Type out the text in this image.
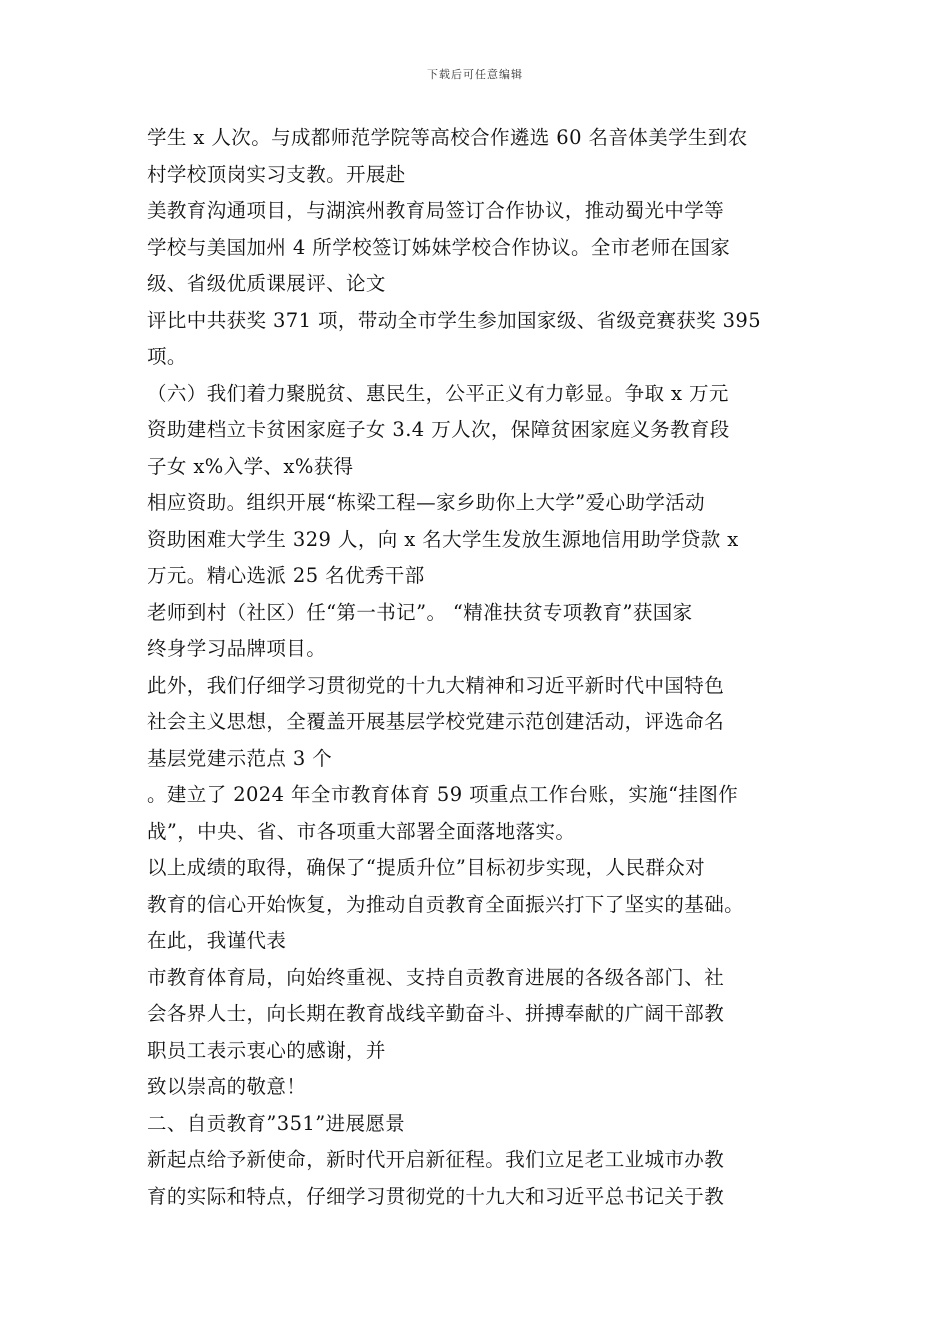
下载后可任意编辑
学生 x 人次。与成都师范学院等高校合作遴选 60 名音体美学生到农
村学校顶岗实习支教。开展赴
美教育沟通项目，与湖滨州教育局签订合作协议，推动蜀光中学等
学校与美国加州 4 所学校签订姊妹学校合作协议。全市老师在国家
级、省级优质课展评、论文
评比中共获奖 371 项，带动全市学生参加国家级、省级竞赛获奖 395
项。
（六）我们着力聚脱贫、惠民生，公平正义有力彰显。争取 x 万元
资助建档立卡贫困家庭子女 3.4 万人次，保障贫困家庭义务教育段
子女 x%入学、x%获得
相应资助。组织开展“栋梁工程—家乡助你上大学”爱心助学活动
资助困难大学生 329 人，向 x 名大学生发放生源地信用助学贷款 x
万元。精心选派 25 名优秀干部
老师到村（社区）任“第一书记”。 “精准扶贫专项教育”获国家
终身学习品牌项目。
此外，我们仔细学习贯彻党的十九大精神和习近平新时代中国特色
社会主义思想，全覆盖开展基层学校党建示范创建活动，评选命名
基层党建示范点 3 个
。建立了 2024 年全市教育体育 59 项重点工作台账，实施“挂图作
战”，中央、省、市各项重大部署全面落地落实。
以上成绩的取得，确保了“提质升位”目标初步实现，人民群众对
教育的信心开始恢复，为推动自贡教育全面振兴打下了坚实的基础。
在此，我谨代表
市教育体育局，向始终重视、支持自贡教育进展的各级各部门、社
会各界人士，向长期在教育战线辛勤奋斗、拼搏奉献的广阔干部教
职员工表示衷心的感谢，并
致以崇高的敬意！
二、自贡教育”351”进展愿景
新起点给予新使命，新时代开启新征程。我们立足老工业城市办教
育的实际和特点，仔细学习贯彻党的十九大和习近平总书记关于教
